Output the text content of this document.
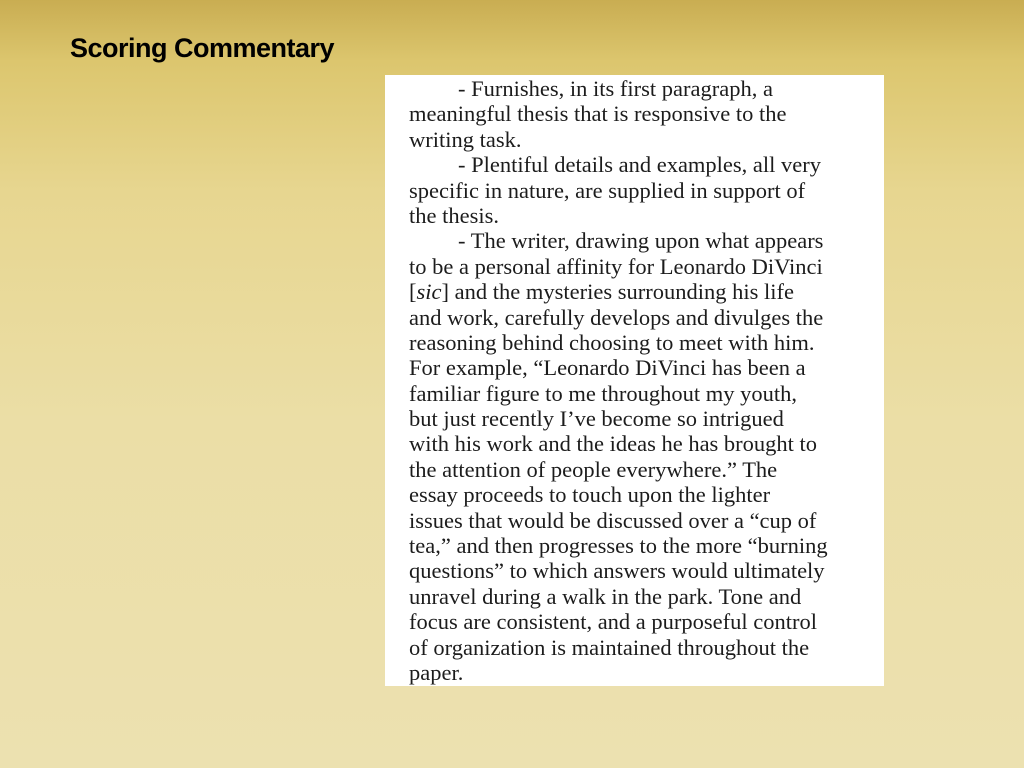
Scoring Commentary
- Furnishes, in its first paragraph, a
meaningful thesis that is responsive to the
writing task.
- Plentiful details and examples, all very
specific in nature, are supplied in support of
the thesis.
- The writer, drawing upon what appears
to be a personal affinity for Leonardo DiVinci
[sic] and the mysteries surrounding his life
and work, carefully develops and divulges the
reasoning behind choosing to meet with him.
For example, “Leonardo DiVinci has been a
familiar figure to me throughout my youth,
but just recently I’ve become so intrigued
with his work and the ideas he has brought to
the attention of people everywhere.” The
essay proceeds to touch upon the lighter
issues that would be discussed over a “cup of
tea,” and then progresses to the more “burning
questions” to which answers would ultimately
unravel during a walk in the park. Tone and
focus are consistent, and a purposeful control
of organization is maintained throughout the
paper.
